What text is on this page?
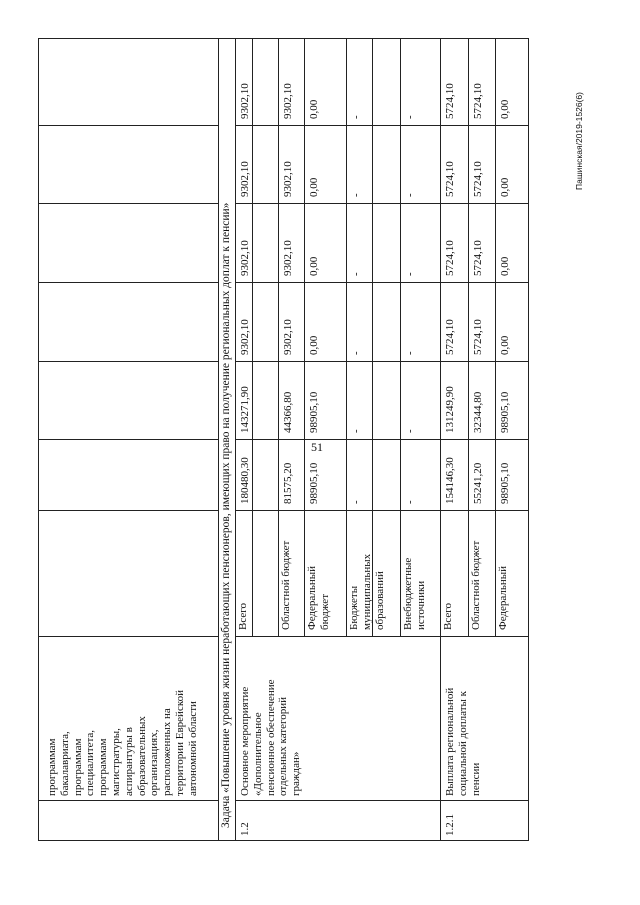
51
Пашинская/2019-1526(6)
программам
бакалавриата,
программам
специалитета,
программам
магистратуры,
аспирантуры в
образовательных
организациях,
расположенных на
территории Еврейской
автономной области Задача «Повышение уровня жизни неработающих пенсионеров, имеющих право на получение региональных доплат к пенсии»
1.2
Основное мероприятие
«Дополнительное
пенсионное обеспечение
отдельных категорий
граждан»
Всего
180480,30
143271,90
9302,10
9302,10
9302,10
9302,10
Областной бюджет
81575,20
44366,80
9302,10
9302,10
9302,10
9302,10
Федеральный
бюджет
98905,10
98905,10
0,00
0,00
0,00
0,00
Бюджеты
муниципальных
образований
-
-
-
-
-
-
Внебюджетные
источники
-
-
-
-
-
-
1.2.1
Выплата региональной
социальной доплаты к
пенсии
Всего
154146,30
131249,90
5724,10
5724,10
5724,10
5724,10
Областной бюджет
55241,20
32344,80
5724,10
5724,10
5724,10
5724,10
Федеральный
98905,10
98905,10
0,00
0,00
0,00
0,00
